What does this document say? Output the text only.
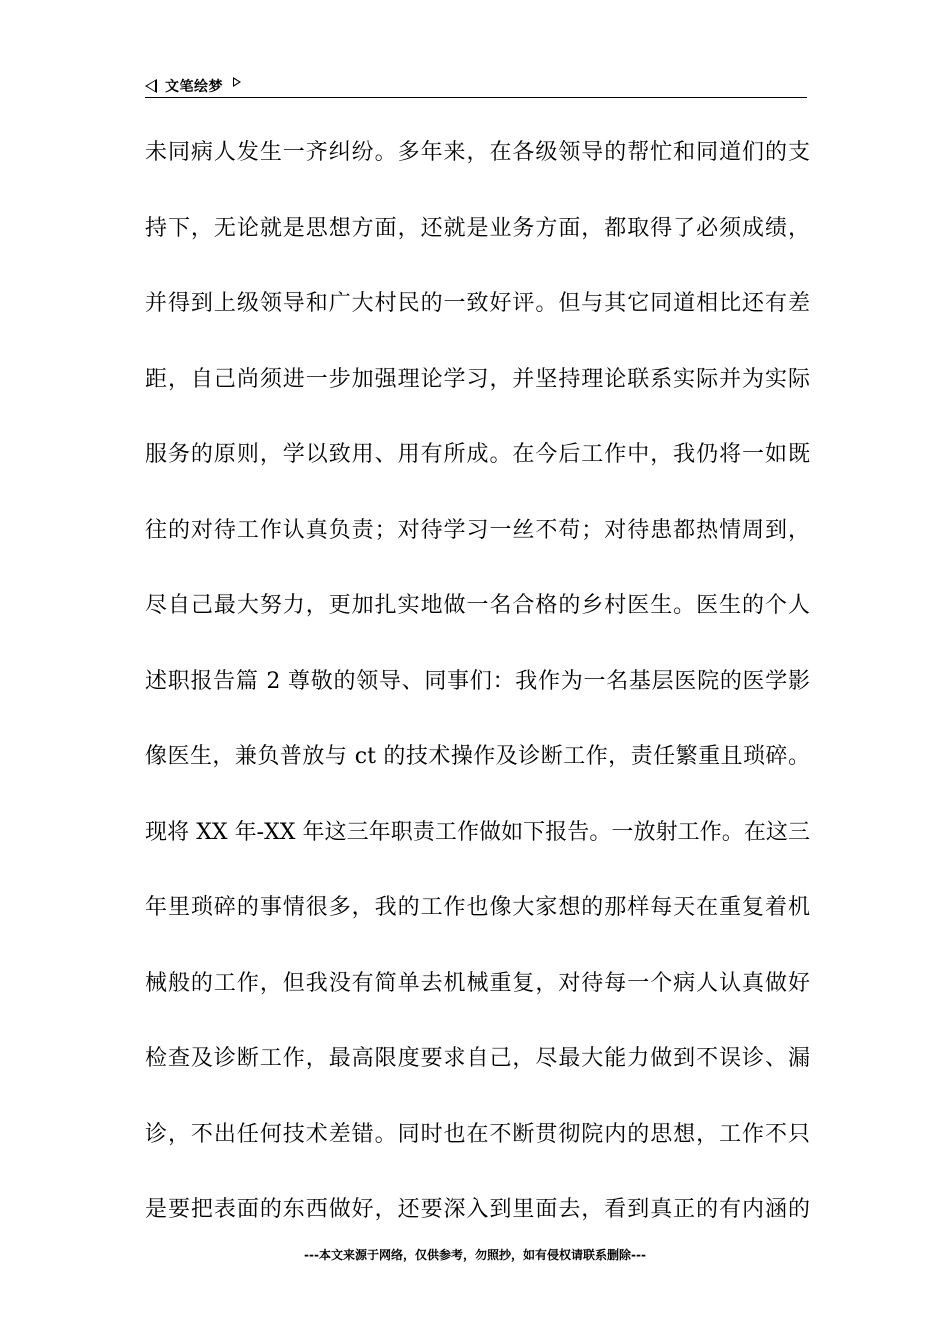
文笔绘梦
未同病人发生一齐纠纷。多年来，在各级领导的帮忙和同道们的支
持下，无论就是思想方面，还就是业务方面，都取得了必须成绩，
并得到上级领导和广大村民的一致好评。但与其它同道相比还有差
距，自己尚须进一步加强理论学习，并坚持理论联系实际并为实际
服务的原则，学以致用、用有所成。在今后工作中，我仍将一如既
往的对待工作认真负责；对待学习一丝不苟；对待患都热情周到，
尽自己最大努力，更加扎实地做一名合格的乡村医生。医生的个人
述职报告篇 2 尊敬的领导、同事们：我作为一名基层医院的医学影
像医生，兼负普放与 ct 的技术操作及诊断工作，责任繁重且琐碎。
现将 XX 年-XX 年这三年职责工作做如下报告。一放射工作。在这三
年里琐碎的事情很多，我的工作也像大家想的那样每天在重复着机
械般的工作，但我没有简单去机械重复，对待每一个病人认真做好
检查及诊断工作，最高限度要求自己，尽最大能力做到不误诊、漏
诊，不出任何技术差错。同时也在不断贯彻院内的思想，工作不只
是要把表面的东西做好，还要深入到里面去，看到真正的有内涵的
---本文来源于网络，仅供参考，勿照抄，如有侵权请联系删除---
